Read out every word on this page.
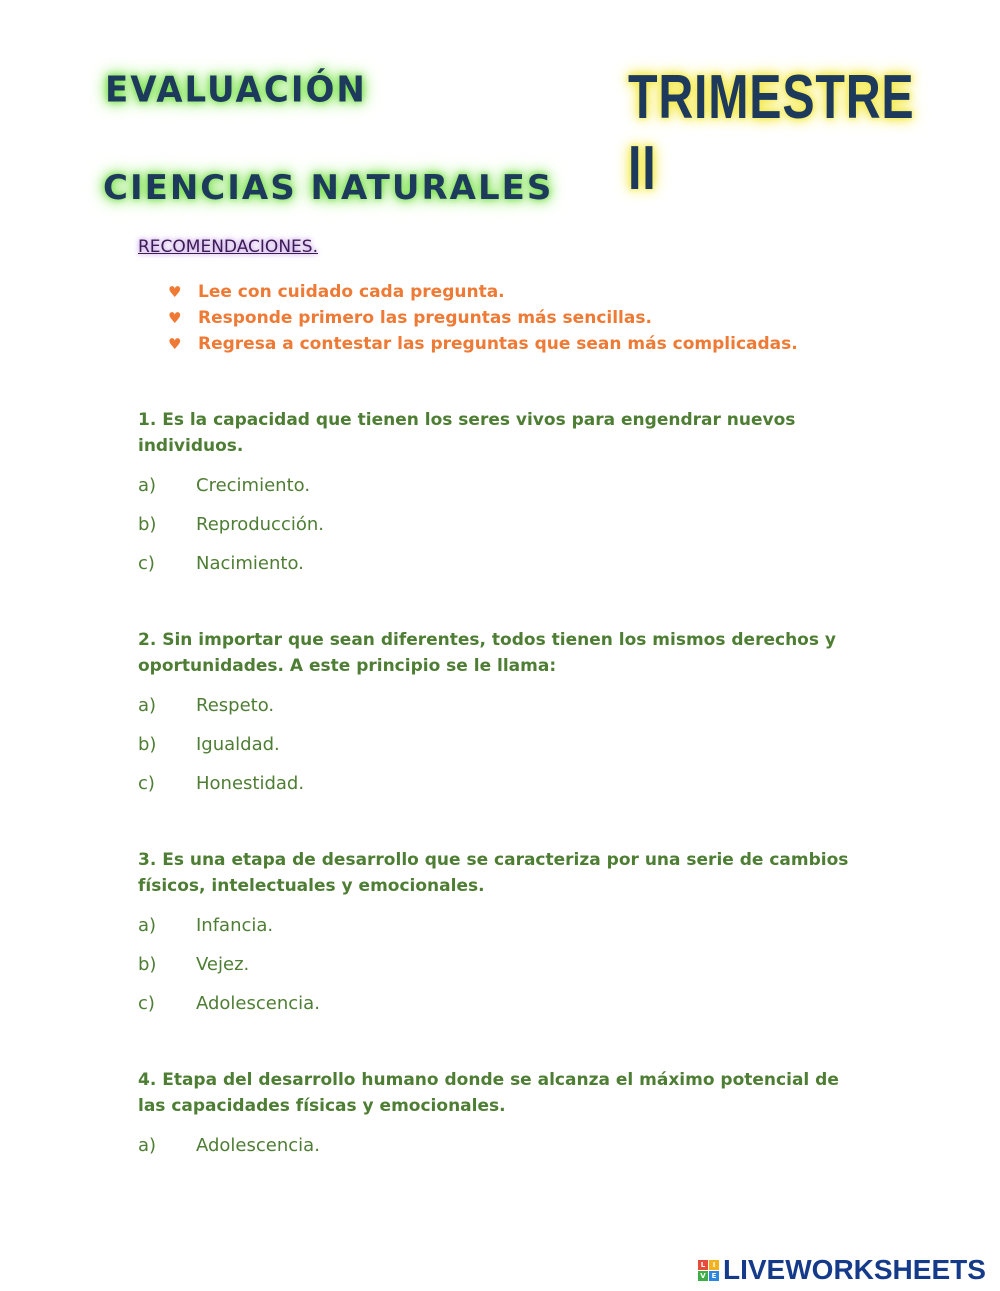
EVALUACIÓN	TRIMESTRE II
CIENCIAS NATURALES
RECOMENDACIONES.
♥ Lee con cuidado cada pregunta.
♥ Responde primero las preguntas más sencillas.
♥ Regresa a contestar las preguntas que sean más complicadas.
1. Es la capacidad que tienen los seres vivos para engendrar nuevos individuos.
a) Crecimiento.
b) Reproducción.
c) Nacimiento.
2. Sin importar que sean diferentes, todos tienen los mismos derechos y oportunidades. A este principio se le llama:
a) Respeto.
b) Igualdad.
c) Honestidad.
3. Es una etapa de desarrollo que se caracteriza por una serie de cambios físicos, intelectuales y emocionales.
a) Infancia.
b) Vejez.
c) Adolescencia.
4. Etapa del desarrollo humano donde se alcanza el máximo potencial de las capacidades físicas y emocionales.
a) Adolescencia.
L	I
V E LIVEWORKSHEETS
